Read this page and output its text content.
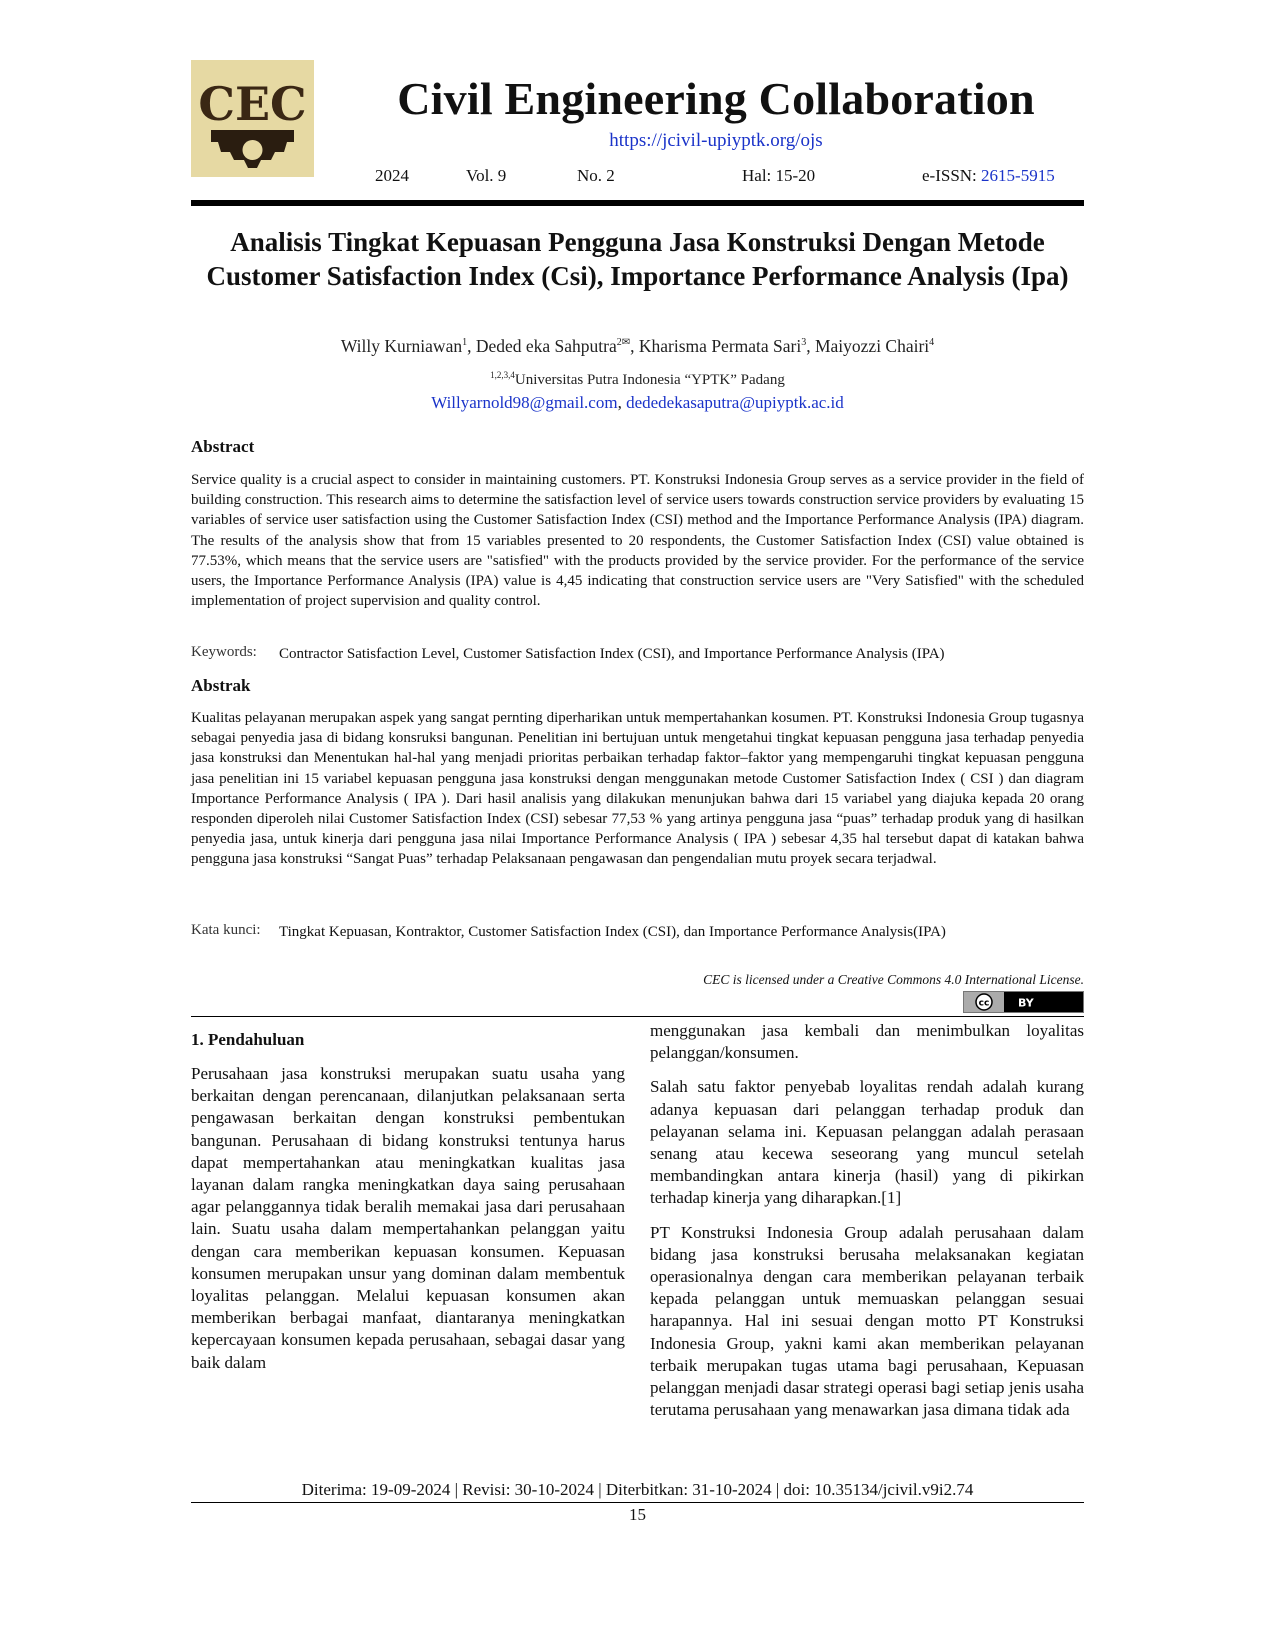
CEC	Civil Engineering Collaboration
https://jcivil-upiyptk.org/ojs
2024	Vol. 9	No. 2	Hal: 15-20	e-ISSN: 2615-5915
Analisis Tingkat Kepuasan Pengguna Jasa Konstruksi Dengan Metode Customer Satisfaction Index (Csi), Importance Performance Analysis (Ipa)
Willy Kurniawan$^1$, Deded eka Sahputra$^{2✉}$, Kharisma Permata Sari$^3$, Maiyozzi Chairi$^4$
$^{1,2,3,4}$Universitas Putra Indonesia “YPTK” Padang
Willyarnold98@gmail.com, dededekasaputra@upiyptk.ac.id
Abstract
Service quality is a crucial aspect to consider in maintaining customers. PT. Konstruksi Indonesia Group serves as a service provider in the field of building construction. This research aims to determine the satisfaction level of service users towards construction service providers by evaluating 15 variables of service user satisfaction using the Customer Satisfaction Index (CSI) method and the Importance Performance Analysis (IPA) diagram. The results of the analysis show that from 15 variables presented to 20 respondents, the Customer Satisfaction Index (CSI) value obtained is 77.53%, which means that the service users are "satisfied" with the products provided by the service provider. For the performance of the service users, the Importance Performance Analysis (IPA) value is 4,45 indicating that construction service users are "Very Satisfied" with the scheduled implementation of project supervision and quality control.
Keywords: Contractor Satisfaction Level, Customer Satisfaction Index (CSI), and Importance Performance Analysis (IPA)
Abstrak
Kualitas pelayanan merupakan aspek yang sangat pernting diperharikan untuk mempertahankan kosumen. PT. Konstruksi Indonesia Group tugasnya sebagai penyedia jasa di bidang konsruksi bangunan. Penelitian ini bertujuan untuk mengetahui tingkat kepuasan pengguna jasa terhadap penyedia jasa konstruksi dan Menentukan hal-hal yang menjadi prioritas perbaikan terhadap faktor–faktor yang mempengaruhi tingkat kepuasan pengguna jasa penelitian ini 15 variabel kepuasan pengguna jasa konstruksi dengan menggunakan metode Customer Satisfaction Index ( CSI ) dan diagram Importance Performance Analysis ( IPA ). Dari hasil analisis yang dilakukan menunjukan bahwa dari 15 variabel yang diajuka kepada 20 orang responden diperoleh nilai Customer Satisfaction Index (CSI) sebesar 77,53 % yang artinya pengguna jasa “puas” terhadap produk yang di hasilkan penyedia jasa, untuk kinerja dari pengguna jasa nilai Importance Performance Analysis ( IPA ) sebesar 4,35 hal tersebut dapat di katakan bahwa pengguna jasa konstruksi “Sangat Puas” terhadap Pelaksanaan pengawasan dan pengendalian mutu proyek secara terjadwal.
Kata kunci: Tingkat Kepuasan, Kontraktor, Customer Satisfaction Index (CSI), dan Importance Performance Analysis(IPA)
CEC is licensed under a Creative Commons 4.0 International License.
cc	BY
1. Pendahuluan

Perusahaan jasa konstruksi merupakan suatu usaha yang berkaitan dengan perencanaan, dilanjutkan pelaksanaan serta pengawasan berkaitan dengan konstruksi pembentukan bangunan. Perusahaan di bidang konstruksi tentunya harus dapat mempertahankan atau meningkatkan kualitas jasa layanan dalam rangka meningkatkan daya saing perusahaan agar pelanggannya tidak beralih memakai jasa dari perusahaan lain. Suatu usaha dalam mempertahankan pelanggan yaitu dengan cara memberikan kepuasan konsumen. Kepuasan konsumen merupakan unsur yang dominan dalam membentuk loyalitas pelanggan. Melalui kepuasan konsumen akan memberikan berbagai manfaat, diantaranya meningkatkan kepercayaan konsumen kepada perusahaan, sebagai dasar yang baik dalam

menggunakan jasa kembali dan menimbulkan loyalitas pelanggan/konsumen.

Salah satu faktor penyebab loyalitas rendah adalah kurang adanya kepuasan dari pelanggan terhadap produk dan pelayanan selama ini. Kepuasan pelanggan adalah perasaan senang atau kecewa seseorang yang muncul setelah membandingkan antara kinerja (hasil) yang di pikirkan terhadap kinerja yang diharapkan.[1]

PT Konstruksi Indonesia Group adalah perusahaan dalam bidang jasa konstruksi berusaha melaksanakan kegiatan operasionalnya dengan cara memberikan pelayanan terbaik kepada pelanggan untuk memuaskan pelanggan sesuai harapannya. Hal ini sesuai dengan motto PT Konstruksi Indonesia Group, yakni kami akan memberikan pelayanan terbaik merupakan tugas utama bagi perusahaan, Kepuasan pelanggan menjadi dasar strategi operasi bagi setiap jenis usaha terutama perusahaan yang menawarkan jasa dimana tidak ada

Diterima: 19-09-2024 | Revisi: 30-10-2024 | Diterbitkan: 31-10-2024 | doi: 10.35134/jcivil.v9i2.74
15
